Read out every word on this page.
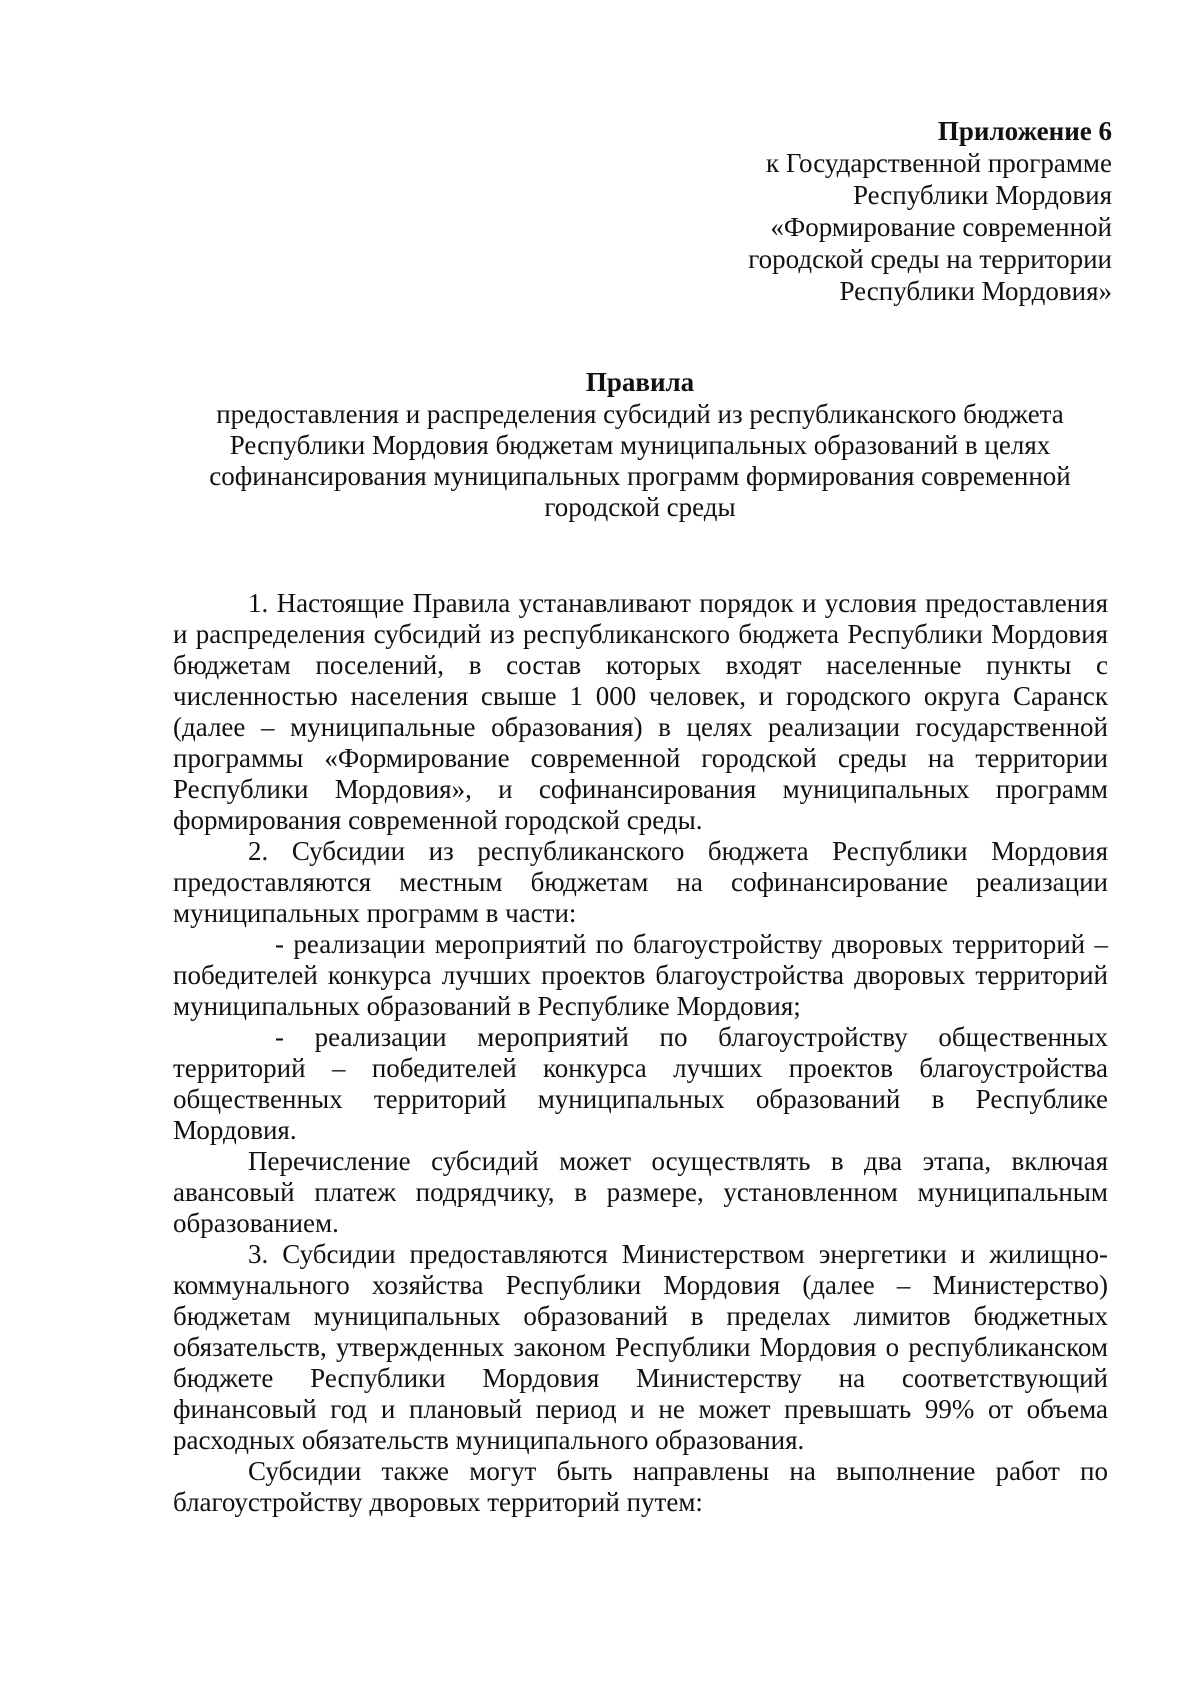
Приложение 6
к Государственной программе
Республики Мордовия
«Формирование современной
городской среды на территории
Республики Мордовия»
Правила
предоставления и распределения субсидий из республиканского бюджета Республики Мордовия бюджетам муниципальных образований в целях софинансирования муниципальных программ формирования современной городской среды

1. Настоящие Правила устанавливают порядок и условия предоставления и распределения субсидий из республиканского бюджета Республики Мордовия бюджетам поселений, в состав которых входят населенные пункты с численностью населения свыше 1 000 человек, и городского округа Саранск (далее – муниципальные образования) в целях реализации государственной программы «Формирование современной городской среды на территории Республики Мордовия», и софинансирования муниципальных программ формирования современной городской среды.

2. Субсидии из республиканского бюджета Республики Мордовия предоставляются местным бюджетам на софинансирование реализации муниципальных программ в части:

- реализации мероприятий по благоустройству дворовых территорий – победителей конкурса лучших проектов благоустройства дворовых территорий муниципальных образований в Республике Мордовия;

- реализации мероприятий по благоустройству общественных территорий – победителей конкурса лучших проектов благоустройства общественных территорий муниципальных образований в Республике Мордовия.

Перечисление субсидий может осуществлять в два этапа, включая авансовый платеж подрядчику, в размере, установленном муниципальным образованием.

3. Субсидии предоставляются Министерством энергетики и жилищно-коммунального хозяйства Республики Мордовия (далее – Министерство) бюджетам муниципальных образований в пределах лимитов бюджетных обязательств, утвержденных законом Республики Мордовия о республиканском бюджете Республики Мордовия Министерству на соответствующий финансовый год и плановый период и не может превышать 99% от объема расходных обязательств муниципального образования.

Субсидии также могут быть направлены на выполнение работ по благоустройству дворовых территорий путем:
